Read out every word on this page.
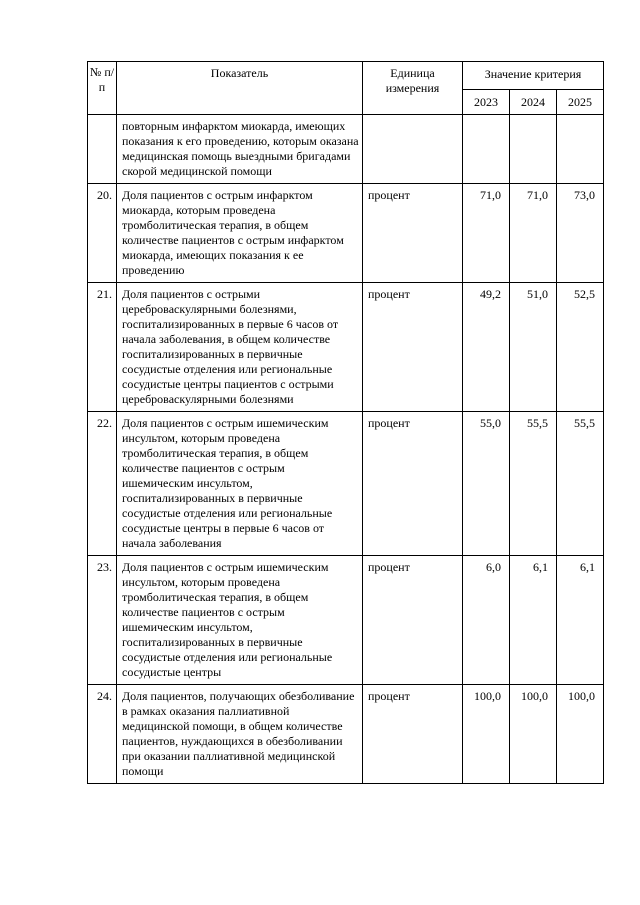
№ п/п	Показатель	Единица измерения	Значение критерия		
			2023	2024	2025
	повторным инфарктом миокарда, имеющих показания к его проведению, которым оказана медицинская помощь выездными бригадами скорой медицинской помощи				
20.	Доля пациентов с острым инфарктом миокарда, которым проведена тромболитическая терапия, в общем количестве пациентов с острым инфарктом миокарда, имеющих показания к ее проведению	процент	71,0	71,0	73,0
21.	Доля пациентов с острыми цереброваскулярными болезнями, госпитализированных в первые 6 часов от начала заболевания, в общем количестве госпитализированных в первичные сосудистые отделения или региональные сосудистые центры пациентов с острыми цереброваскулярными болезнями	процент	49,2	51,0	52,5
22.	Доля пациентов с острым ишемическим инсультом, которым проведена тромболитическая терапия, в общем количестве пациентов с острым ишемическим инсультом, госпитализированных в первичные сосудистые отделения или региональные сосудистые центры в первые 6 часов от начала заболевания	процент	55,0	55,5	55,5
23.	Доля пациентов с острым ишемическим инсультом, которым проведена тромболитическая терапия, в общем количестве пациентов с острым ишемическим инсультом, госпитализированных в первичные сосудистые отделения или региональные сосудистые центры	процент	6,0	6,1	6,1
24.	Доля пациентов, получающих обезболивание в рамках оказания паллиативной медицинской помощи, в общем количестве пациентов, нуждающихся в обезболивании при оказании паллиативной медицинской помощи	процент	100,0	100,0	100,0
